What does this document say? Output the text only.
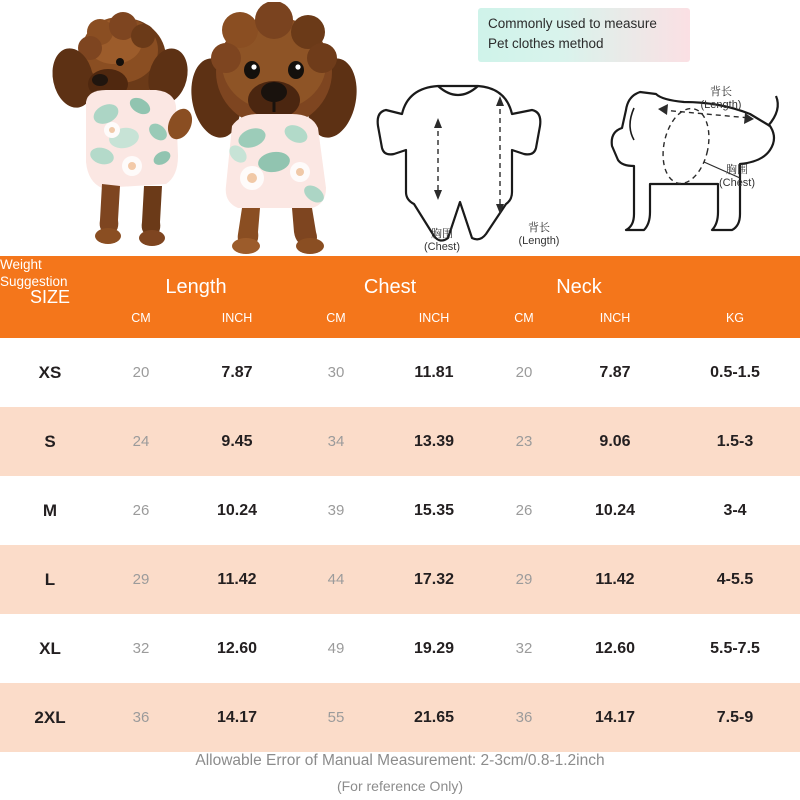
Commonly used to measure
Pet clothes method
胸围
(Chest)
背长
(Length)
背长
(Length)
胸围
(Chest)
SIZE	Length	Chest	Neck
Weight
Suggestion
CM	INCH	CM	INCH	CM	INCH	KG
XS	20	7.87	30	11.81	20	7.87	0.5-1.5
S	24	9.45	34	13.39	23	9.06	1.5-3
M	26	10.24	39	15.35	26	10.24	3-4
L	29	11.42	44	17.32	29	11.42	4-5.5
XL	32	12.60	49	19.29	32	12.60	5.5-7.5
2XL	36	14.17	55	21.65	36	14.17	7.5-9
Allowable Error of Manual Measurement: 2-3cm/0.8-1.2inch
(For reference Only)
